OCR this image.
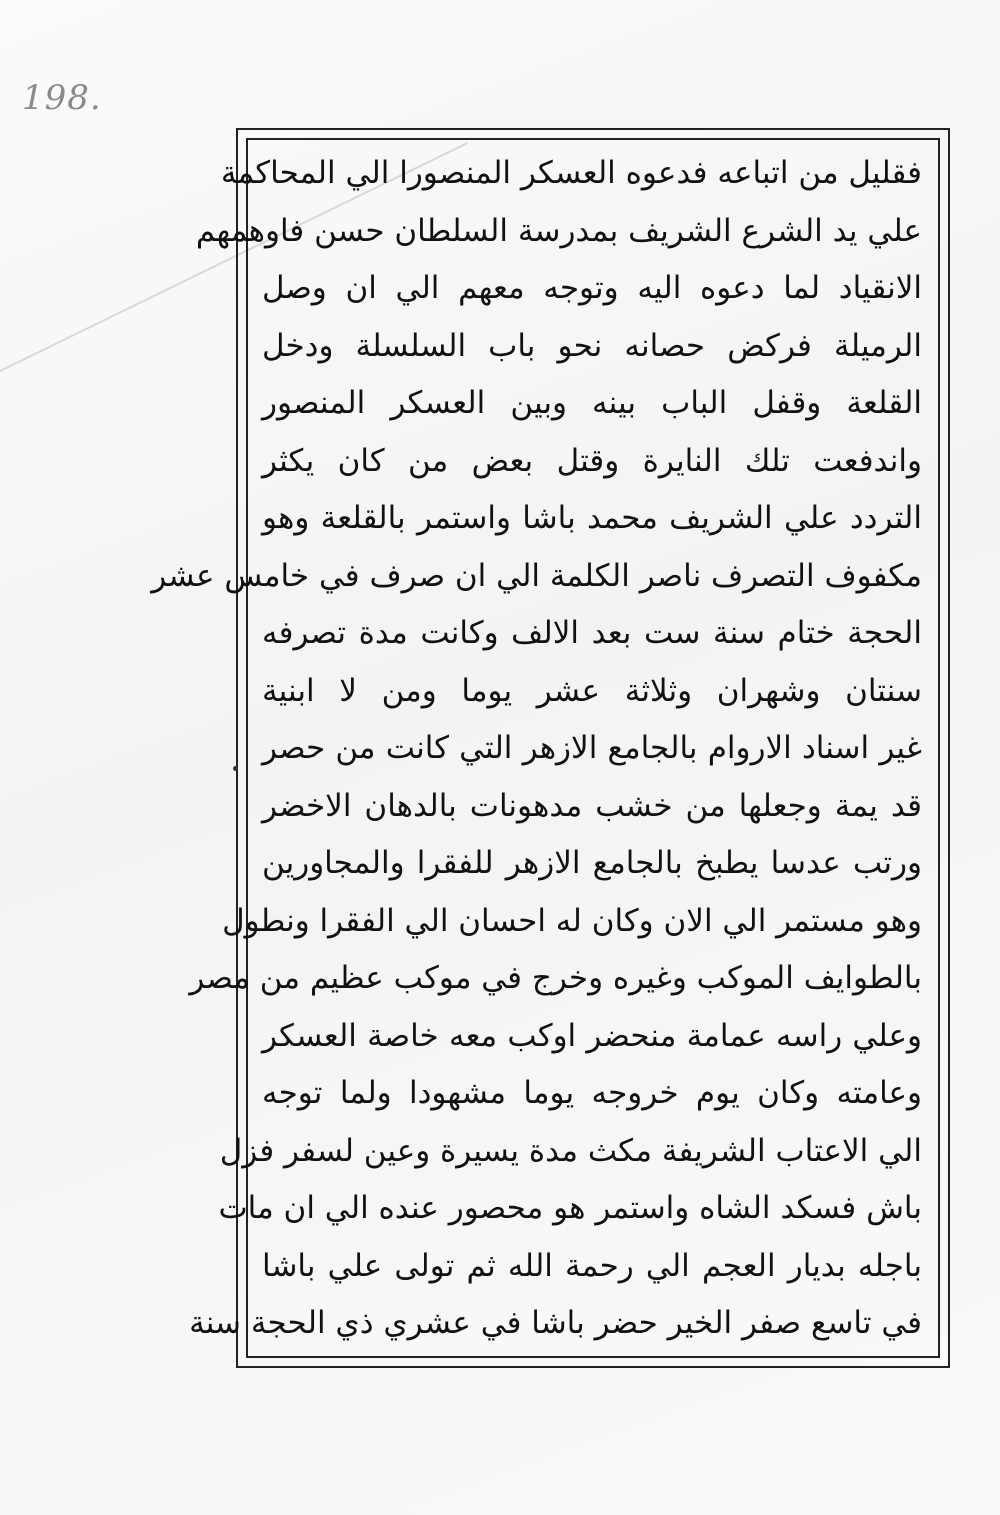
198.
فقليل من اتباعه فدعوه العسكر المنصورا الي المحاكمة
علي يد الشرع الشريف بمدرسة السلطان حسن فاوهمهم
الانقياد لما دعوه اليه وتوجه معهم الي ان وصل
الرميلة فركض حصانه نحو باب السلسلة ودخل
القلعة وقفل الباب بينه وبين العسكر المنصور
واندفعت تلك النايرة وقتل بعض من كان يكثر
التردد علي الشريف محمد باشا واستمر بالقلعة وهو
مكفوف التصرف ناصر الكلمة الي ان صرف في خامس عشر
الحجة ختام سنة ست بعد الالف وكانت مدة تصرفه
سنتان وشهران وثلاثة عشر يوما ومن لا ابنية
غير اسناد الاروام بالجامع الازهر التي كانت من حصر
قد يمة وجعلها من خشب مدهونات بالدهان الاخضر
ورتب عدسا يطبخ بالجامع الازهر للفقرا والمجاورين
وهو مستمر الي الان وكان له احسان الي الفقرا ونطول
بالطوايف الموكب وغيره وخرج في موكب عظيم من مصر
وعلي راسه عمامة منحضر اوكب معه خاصة العسكر
وعامته وكان يوم خروجه يوما مشهودا ولما توجه
الي الاعتاب الشريفة مكث مدة يسيرة وعين لسفر فزل
باش فسكد الشاه واستمر هو محصور عنده الي ان مات
باجله بديار العجم الي رحمة الله ثم تولى علي باشا
في تاسع صفر الخير حضر باشا في عشري ذي الحجة سنة
